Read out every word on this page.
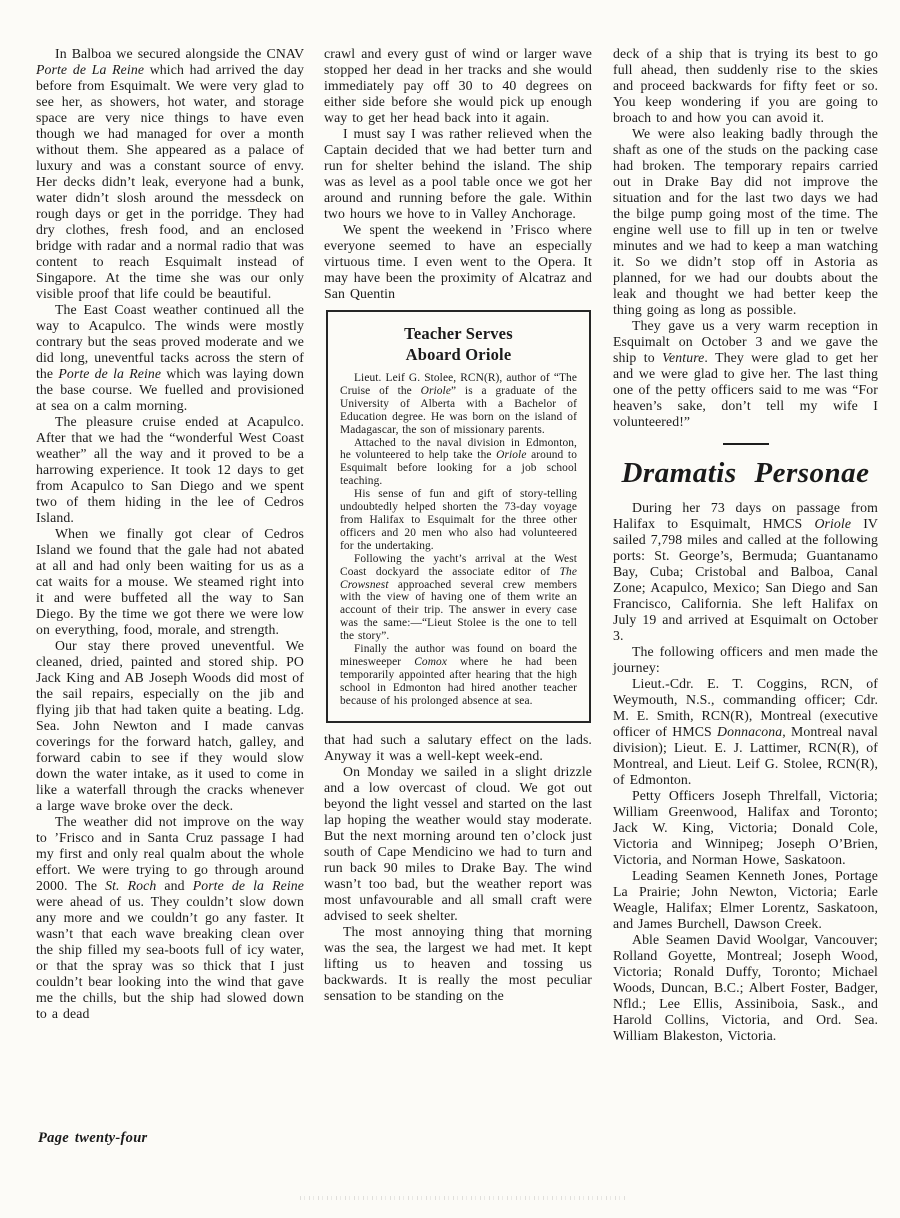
In Balboa we secured alongside the CNAV Porte de La Reine which had arrived the day before from Esquimalt. We were very glad to see her, as showers, hot water, and storage space are very nice things to have even though we had managed for over a month without them. She appeared as a palace of luxury and was a constant source of envy. Her decks didn’t leak, everyone had a bunk, water didn’t slosh around the messdeck on rough days or get in the porridge. They had dry clothes, fresh food, and an enclosed bridge with radar and a normal radio that was content to reach Esquimalt instead of Singapore. At the time she was our only visible proof that life could be beautiful.

The East Coast weather continued all the way to Acapulco. The winds were mostly contrary but the seas proved moderate and we did long, uneventful tacks across the stern of the Porte de la Reine which was laying down the base course. We fuelled and provisioned at sea on a calm morning.

The pleasure cruise ended at Acapulco. After that we had the “wonderful West Coast weather” all the way and it proved to be a harrowing experience. It took 12 days to get from Acapulco to San Diego and we spent two of them hiding in the lee of Cedros Island.

When we finally got clear of Cedros Island we found that the gale had not abated at all and had only been waiting for us as a cat waits for a mouse. We steamed right into it and were buffeted all the way to San Diego. By the time we got there we were low on everything, food, morale, and strength.

Our stay there proved uneventful. We cleaned, dried, painted and stored ship. PO Jack King and AB Joseph Woods did most of the sail repairs, especially on the jib and flying jib that had taken quite a beating. Ldg. Sea. John Newton and I made canvas coverings for the forward hatch, galley, and forward cabin to see if they would slow down the water intake, as it used to come in like a waterfall through the cracks whenever a large wave broke over the deck.

The weather did not improve on the way to ’Frisco and in Santa Cruz passage I had my first and only real qualm about the whole effort. We were trying to go through around 2000. The St. Roch and Porte de la Reine were ahead of us. They couldn’t slow down any more and we couldn’t go any faster. It wasn’t that each wave breaking clean over the ship filled my sea-boots full of icy water, or that the spray was so thick that I just couldn’t bear looking into the wind that gave me the chills, but the ship had slowed down to a dead

crawl and every gust of wind or larger wave stopped her dead in her tracks and she would immediately pay off 30 to 40 degrees on either side before she would pick up enough way to get her head back into it again.

I must say I was rather relieved when the Captain decided that we had better turn and run for shelter behind the island. The ship was as level as a pool table once we got her around and running before the gale. Within two hours we hove to in Valley Anchorage.

We spent the weekend in ’Frisco where everyone seemed to have an especially virtuous time. I even went to the Opera. It may have been the proximity of Alcatraz and San Quentin

Teacher Serves
Aboard Oriole

Lieut. Leif G. Stolee, RCN(R), author of “The Cruise of the Oriole” is a graduate of the University of Alberta with a Bachelor of Education degree. He was born on the island of Madagascar, the son of missionary parents.

Attached to the naval division in Edmonton, he volunteered to help take the Oriole around to Esquimalt before looking for a job school teaching.

His sense of fun and gift of story-telling undoubtedly helped shorten the 73-day voyage from Halifax to Esquimalt for the three other officers and 20 men who also had volunteered for the undertaking.

Following the yacht’s arrival at the West Coast dockyard the associate editor of The Crowsnest approached several crew members with the view of having one of them write an account of their trip. The answer in every case was the same:—“Lieut Stolee is the one to tell the story”.

Finally the author was found on board the minesweeper Comox where he had been temporarily appointed after hearing that the high school in Edmonton had hired another teacher because of his prolonged absence at sea.

that had such a salutary effect on the lads. Anyway it was a well-kept week-end.

On Monday we sailed in a slight drizzle and a low overcast of cloud. We got out beyond the light vessel and started on the last lap hoping the weather would stay moderate. But the next morning around ten o’clock just south of Cape Mendicino we had to turn and run back 90 miles to Drake Bay. The wind wasn’t too bad, but the weather report was most unfavourable and all small craft were advised to seek shelter.

The most annoying thing that morning was the sea, the largest we had met. It kept lifting us to heaven and tossing us backwards. It is really the most peculiar sensation to be standing on the

deck of a ship that is trying its best to go full ahead, then suddenly rise to the skies and proceed backwards for fifty feet or so. You keep wondering if you are going to broach to and how you can avoid it.

We were also leaking badly through the shaft as one of the studs on the packing case had broken. The temporary repairs carried out in Drake Bay did not improve the situation and for the last two days we had the bilge pump going most of the time. The engine well use to fill up in ten or twelve minutes and we had to keep a man watching it. So we didn’t stop off in Astoria as planned, for we had our doubts about the leak and thought we had better keep the thing going as long as possible.

They gave us a very warm reception in Esquimalt on October 3 and we gave the ship to Venture. They were glad to get her and we were glad to give her. The last thing one of the petty officers said to me was “For heaven’s sake, don’t tell my wife I volunteered!”

Dramatis Personae

During her 73 days on passage from Halifax to Esquimalt, HMCS Oriole IV sailed 7,798 miles and called at the following ports: St. George’s, Bermuda; Guantanamo Bay, Cuba; Cristobal and Balboa, Canal Zone; Acapulco, Mexico; San Diego and San Francisco, California. She left Halifax on July 19 and arrived at Esquimalt on October 3.

The following officers and men made the journey:

Lieut.-Cdr. E. T. Coggins, RCN, of Weymouth, N.S., commanding officer; Cdr. M. E. Smith, RCN(R), Montreal (executive officer of HMCS Donnacona, Montreal naval division); Lieut. E. J. Lattimer, RCN(R), of Montreal, and Lieut. Leif G. Stolee, RCN(R), of Edmonton.

Petty Officers Joseph Threlfall, Victoria; William Greenwood, Halifax and Toronto; Jack W. King, Victoria; Donald Cole, Victoria and Winnipeg; Joseph O’Brien, Victoria, and Norman Howe, Saskatoon.

Leading Seamen Kenneth Jones, Portage La Prairie; John Newton, Victoria; Earle Weagle, Halifax; Elmer Lorentz, Saskatoon, and James Burchell, Dawson Creek.

Able Seamen David Woolgar, Vancouver; Rolland Goyette, Montreal; Joseph Wood, Victoria; Ronald Duffy, Toronto; Michael Woods, Duncan, B.C.; Albert Foster, Badger, Nfld.; Lee Ellis, Assiniboia, Sask., and Harold Collins, Victoria, and Ord. Sea. William Blakeston, Victoria.

Page twenty-four
